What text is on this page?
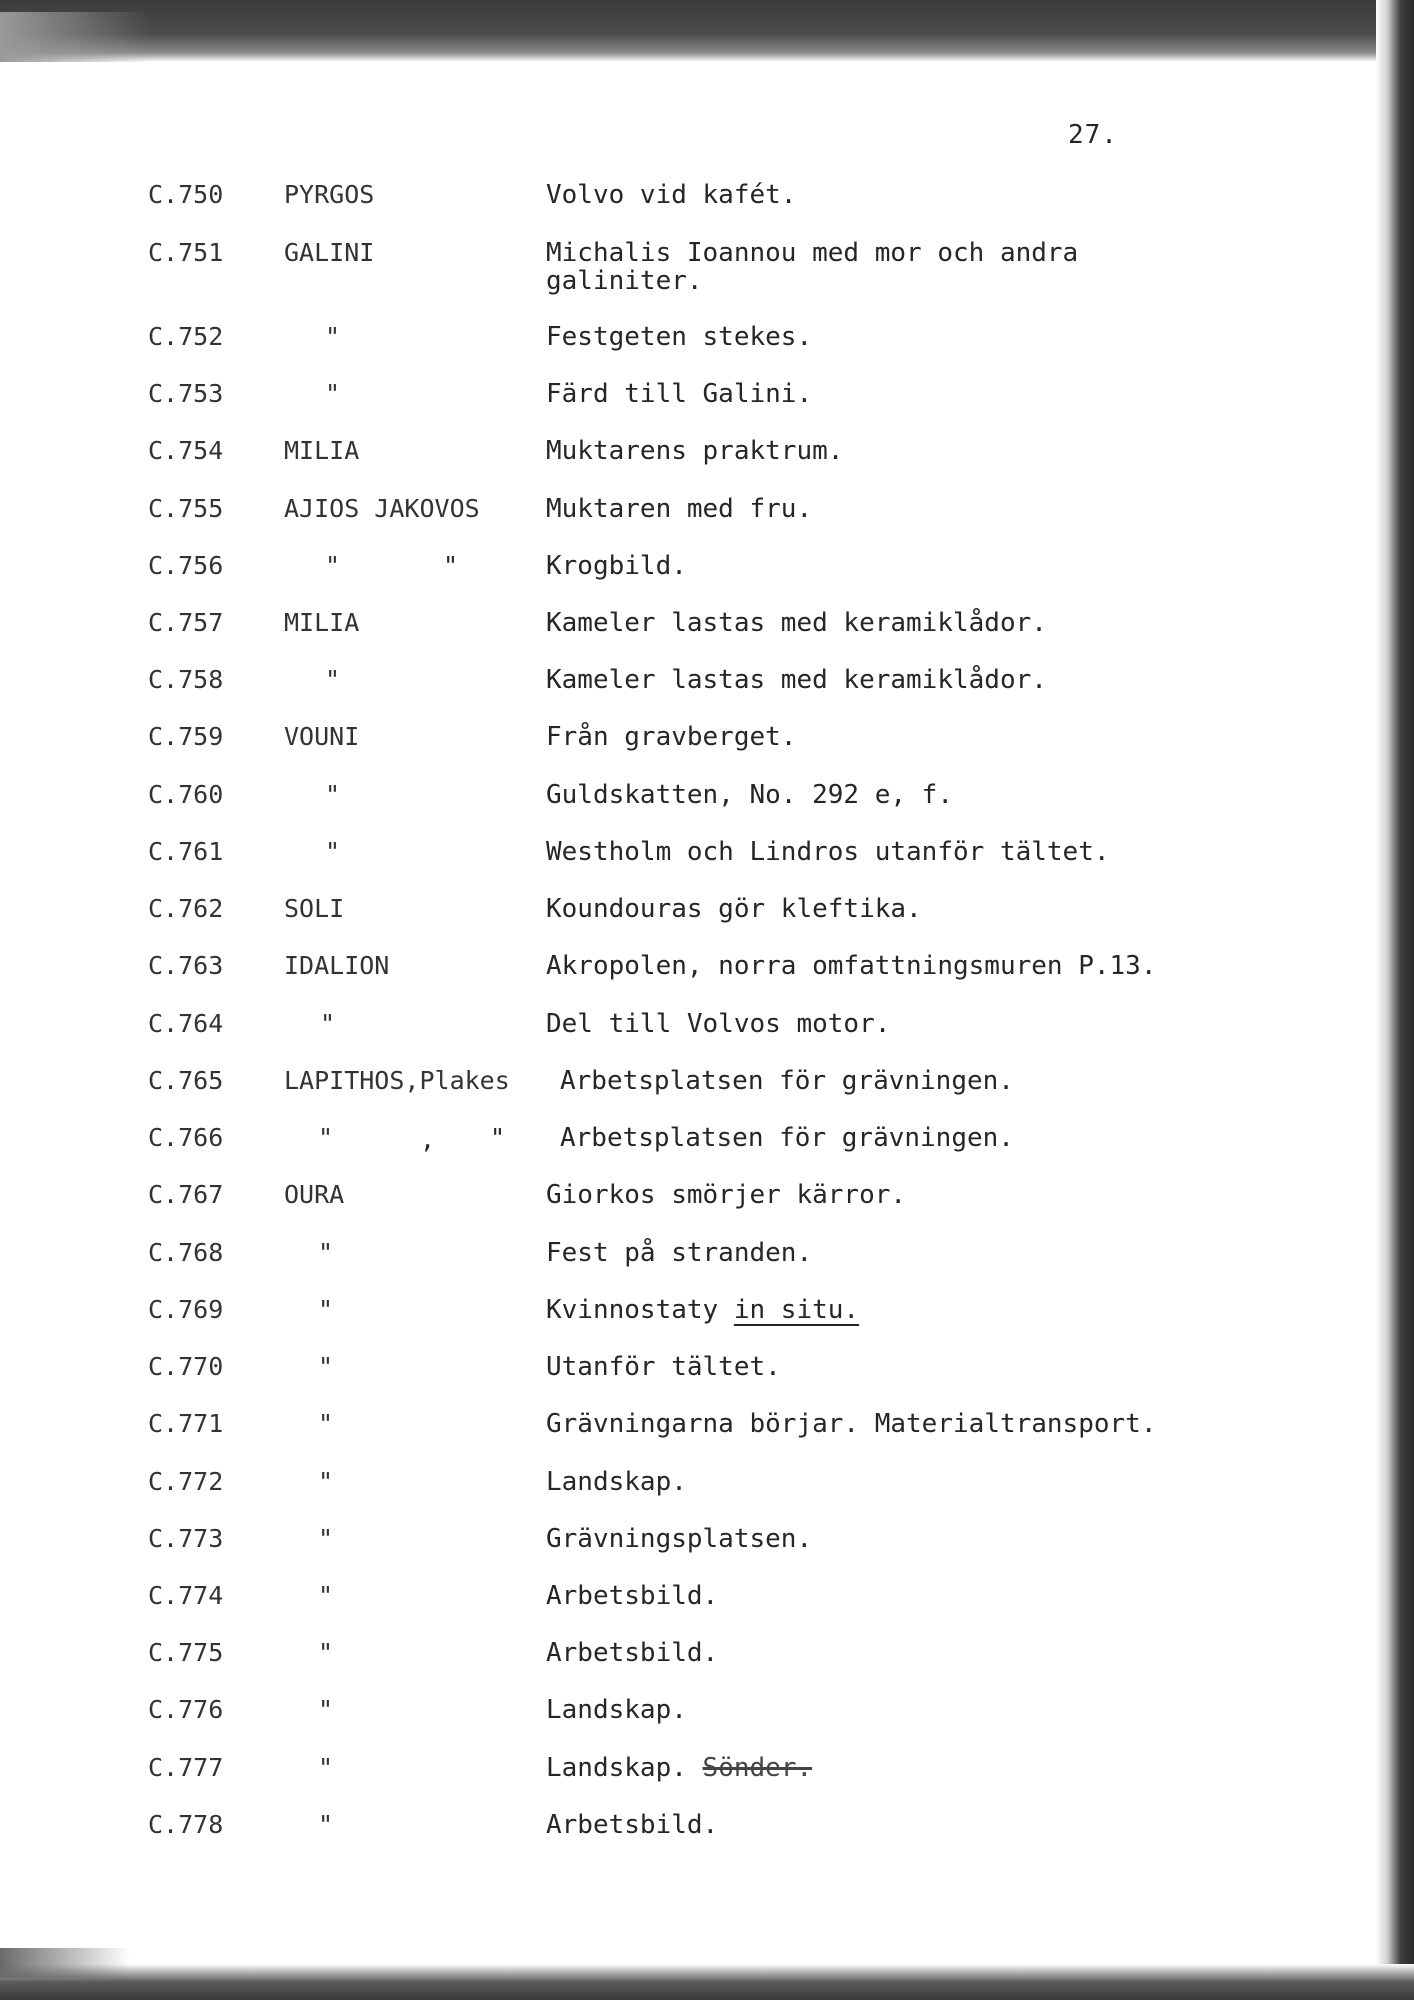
27.
C.750 PYRGOS	Volvo vid kafét.
C.751 GALINI	Michalis Ioannou med mor och andra
galiniter.
C.752	"	Festgeten stekes.
C.753	"	Färd till Galini.
C.754 MILIA	Muktarens praktrum.
C.755 AJIOS JAKOVOS	Muktaren med fru.
C.756	"	"	Krogbild.
C.757 MILIA	Kameler lastas med keramiklådor.
C.758	"	Kameler lastas med keramiklådor.
C.759 VOUNI	Från gravberget.
C.760	"	Guldskatten, No. 292 e, f.
C.761	"	Westholm och Lindros utanför tältet.
C.762 SOLI	Koundouras gör kleftika.
C.763 IDALION	Akropolen, norra omfattningsmuren P.13.
C.764	"	Del till Volvos motor.
C.765 LAPITHOS,Plakes Arbetsplatsen för grävningen.
C.766	"	, " Arbetsplatsen för grävningen.
C.767 OURA	Giorkos smörjer kärror.
C.768	"	Fest på stranden.
C.769	"	Kvinnostaty in situ.
C.770	"	Utanför tältet.
C.771	"	Grävningarna börjar. Materialtransport.
C.772	"	Landskap.
C.773	"	Grävningsplatsen.
C.774	"	Arbetsbild.
C.775	"	Arbetsbild.
C.776	"	Landskap.
C.777	"	Landskap. Sönder.
C.778	"	Arbetsbild.
